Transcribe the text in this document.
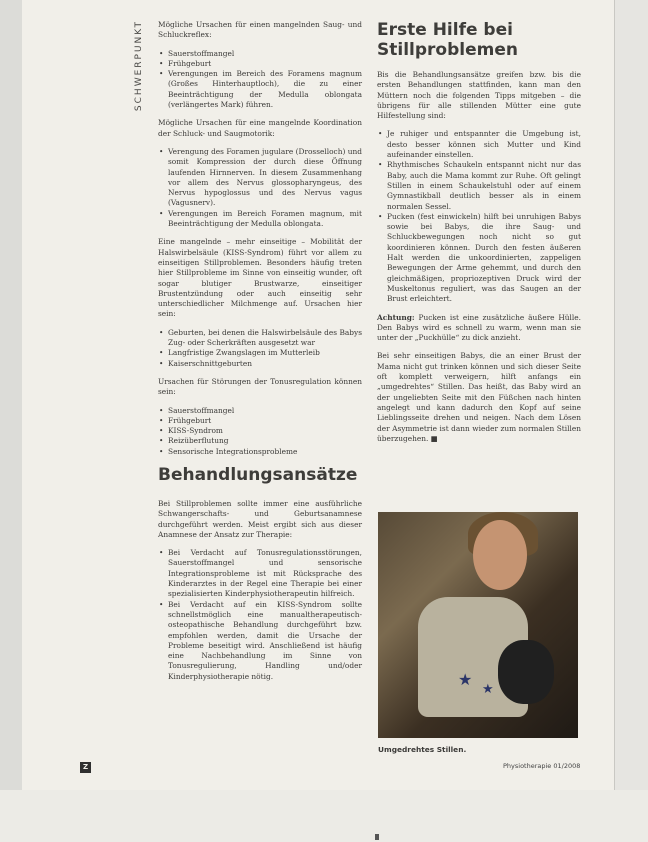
SCHWERPUNKT Mögliche Ursachen für einen mangelnden Saug- und Schluckreflex:

• Sauerstoffmangel
• Frühgeburt
• Verengungen im Bereich des Foramens magnum (Großes Hinterhauptloch), die zu einer Beeinträchtigung der Medulla oblongata (verlängertes Mark) führen.

Mögliche Ursachen für eine mangelnde Koordination der Schluck- und Saugmotorik:

• Verengung des Foramen jugulare (Drosselloch) und somit Kompression der durch diese Öffnung laufenden Hirnnerven. In diesem Zusammenhang vor allem des Nervus glossopharyngeus, des Nervus hypoglossus und des Nervus vagus (Vagusnerv).
• Verengungen im Bereich Foramen magnum, mit Beeinträchtigung der Medulla oblongata.

Eine mangelnde – mehr einseitige – Mobilität der Halswirbelsäule (KISS-Syndrom) führt vor allem zu einseitigen Stillproblemen. Besonders häufig treten hier Stillprobleme im Sinne von einseitig wunder, oft sogar blutiger Brustwarze, einseitiger Brustentzündung oder auch einseitig sehr unterschiedlicher Milchmenge auf. Ursachen hier sein:

• Geburten, bei denen die Halswirbelsäule des Babys Zug- oder Scherkräften ausgesetzt war
• Langfristige Zwangslagen im Mutterleib
• Kaiserschnittgeburten

Ursachen für Störungen der Tonusregulation können sein:

• Sauerstoffmangel
• Frühgeburt
• KISS-Syndrom
• Reizüberflutung
• Sensorische Integrationsprobleme
Behandlungsansätze

Bei Stillproblemen sollte immer eine ausführliche Schwangerschafts- und Geburtsanamnese durchgeführt werden. Meist ergibt sich aus dieser Anamnese der Ansatz zur Therapie:

• Bei Verdacht auf Tonusregulationsstörungen, Sauerstoffmangel und sensorische Integrationsprobleme ist mit Rücksprache des Kinderarztes in der Regel eine Therapie bei einer spezialisierten Kinderphysiotherapeutin hilfreich.
• Bei Verdacht auf ein KISS-Syndrom sollte schnellstmöglich eine manualtherapeutisch-osteopathische Behandlung durchgeführt bzw. empfohlen werden, damit die Ursache der Probleme beseitigt wird. Anschließend ist häufig eine Nachbehandlung im Sinne von Tonusregulierung, Handling und/oder Kinderphysiotherapie nötig.
Erste Hilfe bei Stillproblemen

Bis die Behandlungsansätze greifen bzw. bis die ersten Behandlungen stattfinden, kann man den Müttern noch die folgenden Tipps mitgeben – die übrigens für alle stillenden Mütter eine gute Hilfestellung sind:

• Je ruhiger und entspannter die Umgebung ist, desto besser können sich Mutter und Kind aufeinander einstellen.
• Rhythmisches Schaukeln entspannt nicht nur das Baby, auch die Mama kommt zur Ruhe. Oft gelingt Stillen in einem Schaukelstuhl oder auf einem Gymnastikball deutlich besser als in einem normalen Sessel.
• Pucken (fest einwickeln) hilft bei unruhigen Babys sowie bei Babys, die ihre Saug- und Schluckbewegungen noch nicht so gut koordinieren können. Durch den festen äußeren Halt werden die unkoordinierten, zappeligen Bewegungen der Arme gehemmt, und durch den gleichmäßigen, propriozeptiven Druck wird der Muskeltonus reguliert, was das Saugen an der Brust erleichtert.

Achtung: Pucken ist eine zusätzliche äußere Hülle. Den Babys wird es schnell zu warm, wenn man sie unter der „Puckhülle“ zu dick anzieht.

Bei sehr einseitigen Babys, die an einer Brust der Mama nicht gut trinken können und sich dieser Seite oft komplett verweigern, hilft anfangs ein „umgedrehtes“ Stillen. Das heißt, das Baby wird an der ungeliebten Seite mit den Füßchen nach hinten angelegt und kann dadurch den Kopf auf seine Lieblingsseite drehen und neigen. Nach dem Lösen der Asymmetrie ist dann wieder zum normalen Stillen überzugehen. ■

★
★
Umgedrehtes Stillen.
Z	Physiotherapie 01/2008
